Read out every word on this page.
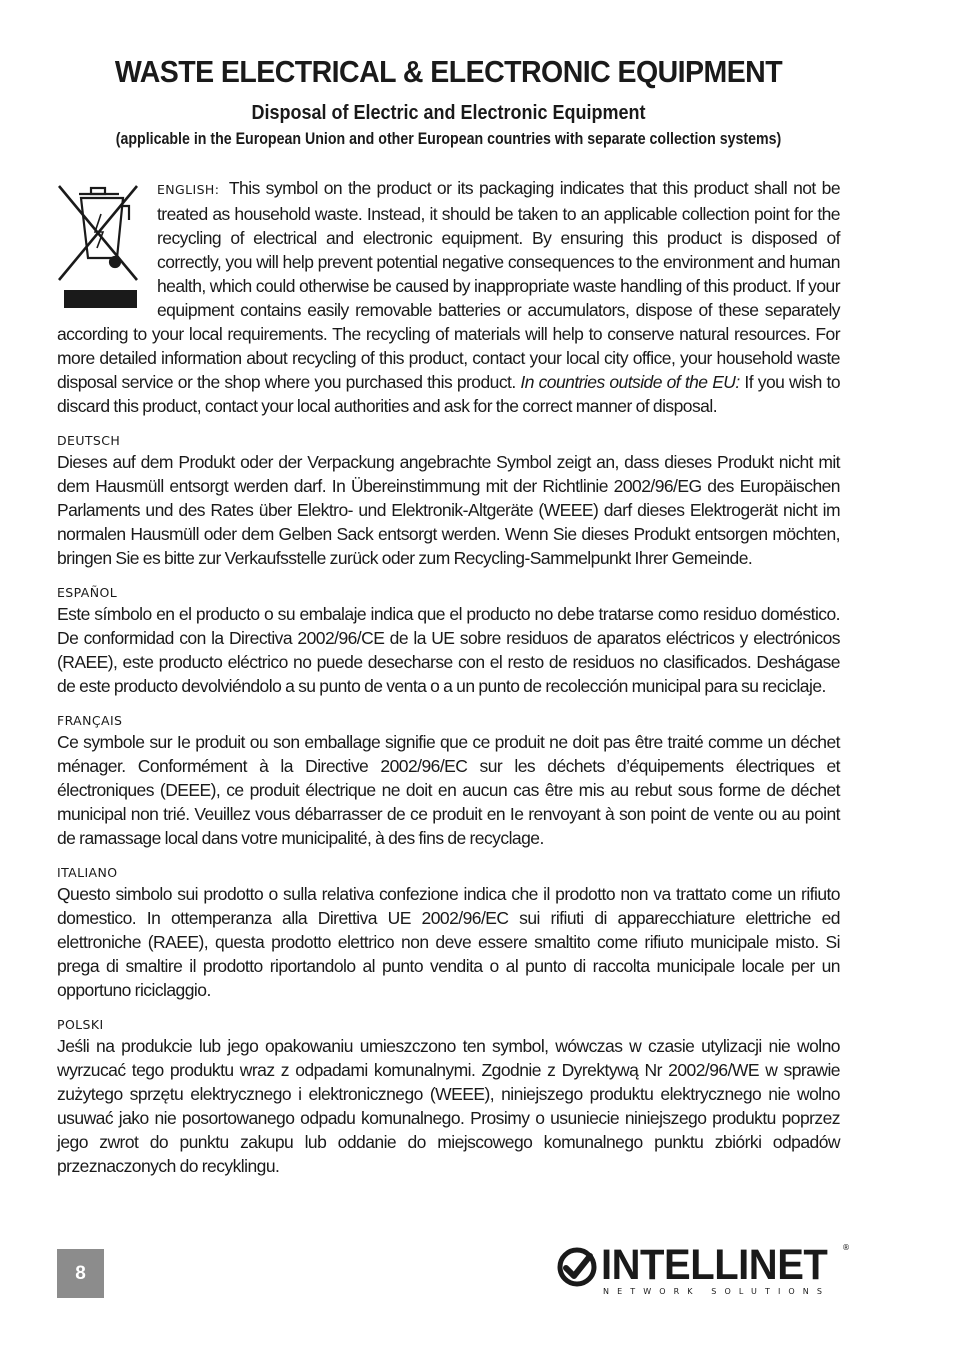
WASTE ELECTRICAL & ELECTRONIC EQUIPMENT
Disposal of Electric and Electronic Equipment
(applicable in the European Union and other European countries with separate collection systems)
ENGLISH: This symbol on the product or its packaging indicates that this product shall not be treated as household waste. Instead, it should be taken to an applicable collection point for the recycling of electrical and electronic equipment. By ensuring this product is disposed of correctly, you will help prevent potential negative consequences to the environment and human health, which could otherwise be caused by inappropriate waste handling of this product. If your equipment contains easily removable batteries or accumulators, dispose of these separately according to your local requirements. The recycling of materials will help to conserve natural resources. For more detailed information about recycling of this product, contact your local city office, your household waste disposal service or the shop where you purchased this product. In countries outside of the EU: If you wish to discard this product, contact your local authorities and ask for the correct manner of disposal.
DEUTSCH
Dieses auf dem Produkt oder der Verpackung angebrachte Symbol zeigt an, dass dieses Produkt nicht mit dem Hausmüll entsorgt werden darf. In Übereinstimmung mit der Richtlinie 2002/96/EG des Europäischen Parlaments und des Rates über Elektro- und Elektronik-Altgeräte (WEEE) darf dieses Elektrogerät nicht im normalen Hausmüll oder dem Gelben Sack entsorgt werden. Wenn Sie dieses Produkt entsorgen möchten, bringen Sie es bitte zur Verkaufsstelle zurück oder zum Recycling-Sammelpunkt Ihrer Gemeinde.
ESPAÑOL
Este símbolo en el producto o su embalaje indica que el producto no debe tratarse como residuo doméstico. De conformidad con la Directiva 2002/96/CE de la UE sobre residuos de aparatos eléctricos y electrónicos (RAEE), este producto eléctrico no puede desecharse con el resto de residuos no clasificados. Deshágase de este producto devolviéndolo a su punto de venta o a un punto de recolección municipal para su reciclaje.
FRANÇAIS
Ce symbole sur Ie produit ou son emballage signifie que ce produit ne doit pas être traité comme un déchet ménager. Conformément à la Directive 2002/96/EC sur les déchets d’équipements électriques et électroniques (DEEE), ce produit électrique ne doit en aucun cas être mis au rebut sous forme de déchet municipal non trié. Veuillez vous débarrasser de ce produit en Ie renvoyant à son point de vente ou au point de ramassage local dans votre municipalité, à des fins de recyclage.
ITALIANO
Questo simbolo sui prodotto o sulla relativa confezione indica che il prodotto non va trattato come un rifiuto domestico. In ottemperanza alla Direttiva UE 2002/96/EC sui rifiuti di apparecchiature elettriche ed elettroniche (RAEE), questa prodotto elettrico non deve essere smaltito come rifiuto municipale misto. Si prega di smaltire il prodotto riportandolo al punto vendita o al punto di raccolta municipale locale per un opportuno riciclaggio.
POLSKI
Jeśli na produkcie lub jego opakowaniu umieszczono ten symbol, wówczas w czasie utylizacji nie wolno wyrzucać tego produktu wraz z odpadami komunalnymi. Zgodnie z Dyrektywą Nr 2002/96/WE w sprawie zużytego sprzętu elektrycznego i elektronicznego (WEEE), niniejszego produktu elektrycznego nie wolno usuwać jako nie posortowanego odpadu komunalnego. Prosimy o usuniecie niniejszego produktu poprzez jego zwrot do punktu zakupu lub oddanie do miejscowego komunalnego punktu zbiórki odpadów przeznaczonych do recyklingu.
8	INTELLINET ®
NETWORK SOLUTIONS
